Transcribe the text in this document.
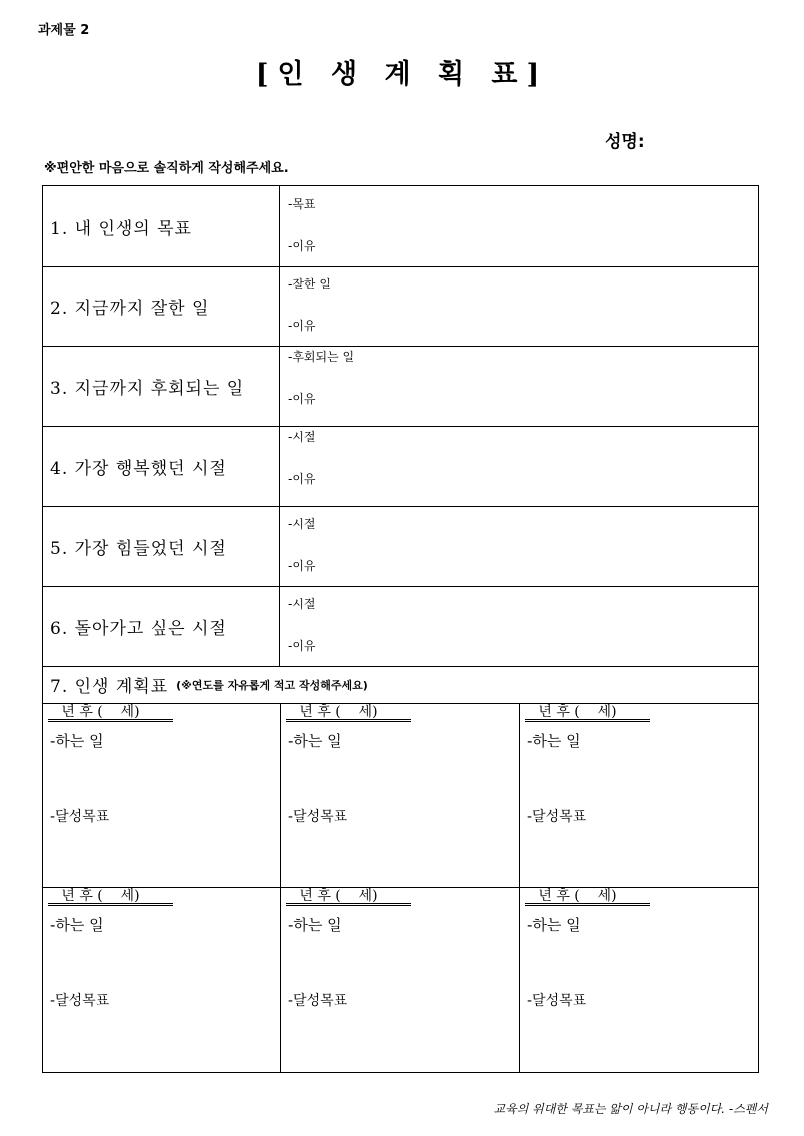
과제물 2
[인 생 계 획 표]
성명:
※편안한 마음으로 솔직하게 작성해주세요.
1. 내 인생의 목표
-목표
-이유
2. 지금까지 잘한 일
-잘한 일
-이유
3. 지금까지 후회되는 일
-후회되는 일
-이유
4. 가장 행복했던 시절
-시절
-이유
5. 가장 힘들었던 시절
-시절
-이유
6. 돌아가고 싶은 시절
-시절
-이유
7. 인생 계획표 (※연도를 자유롭게 적고 작성해주세요)
년 후 (    세)
-하는 일
-달성목표
년 후 (    세)
-하는 일
-달성목표
년 후 (    세)
-하는 일
-달성목표
년 후 (    세)
-하는 일
-달성목표
년 후 (    세)
-하는 일
-달성목표
년 후 (    세)
-하는 일
-달성목표
교육의 위대한 목표는 앎이 아니라 행동이다. -스펜서
